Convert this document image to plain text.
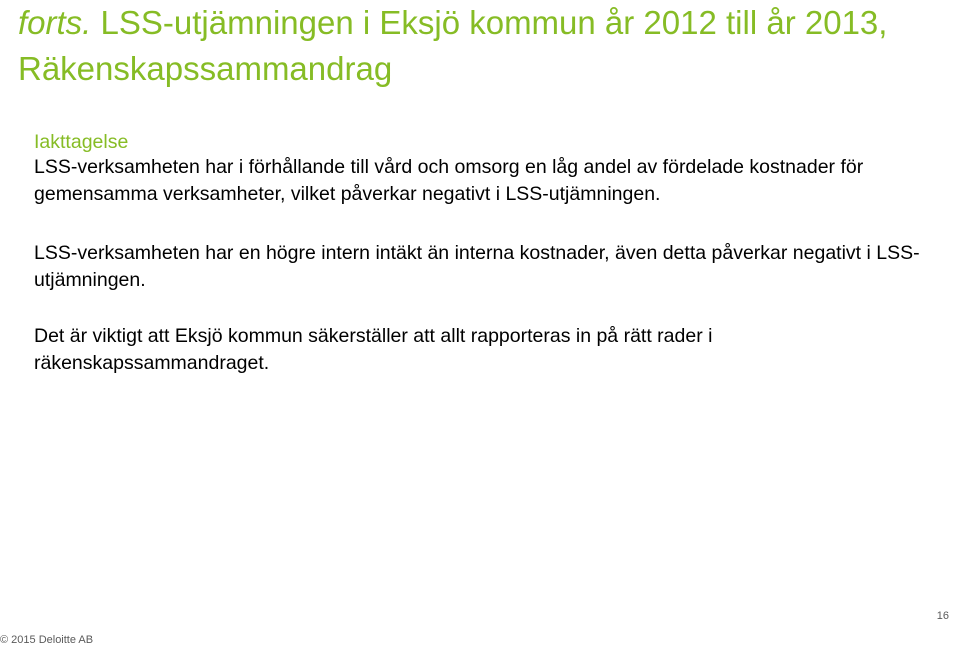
forts. LSS-utjämningen i Eksjö kommun år 2012 till år 2013, Räkenskapssammandrag
Iakttagelse

LSS-verksamheten har i förhållande till vård och omsorg en låg andel av fördelade kostnader för gemensamma verksamheter, vilket påverkar negativt i LSS-utjämningen.

LSS-verksamheten har en högre intern intäkt än interna kostnader, även detta påverkar negativt i LSS-utjämningen.

Det är viktigt att Eksjö kommun säkerställer att allt rapporteras in på rätt rader i räkenskapssammandraget.

16
© 2015 Deloitte AB
